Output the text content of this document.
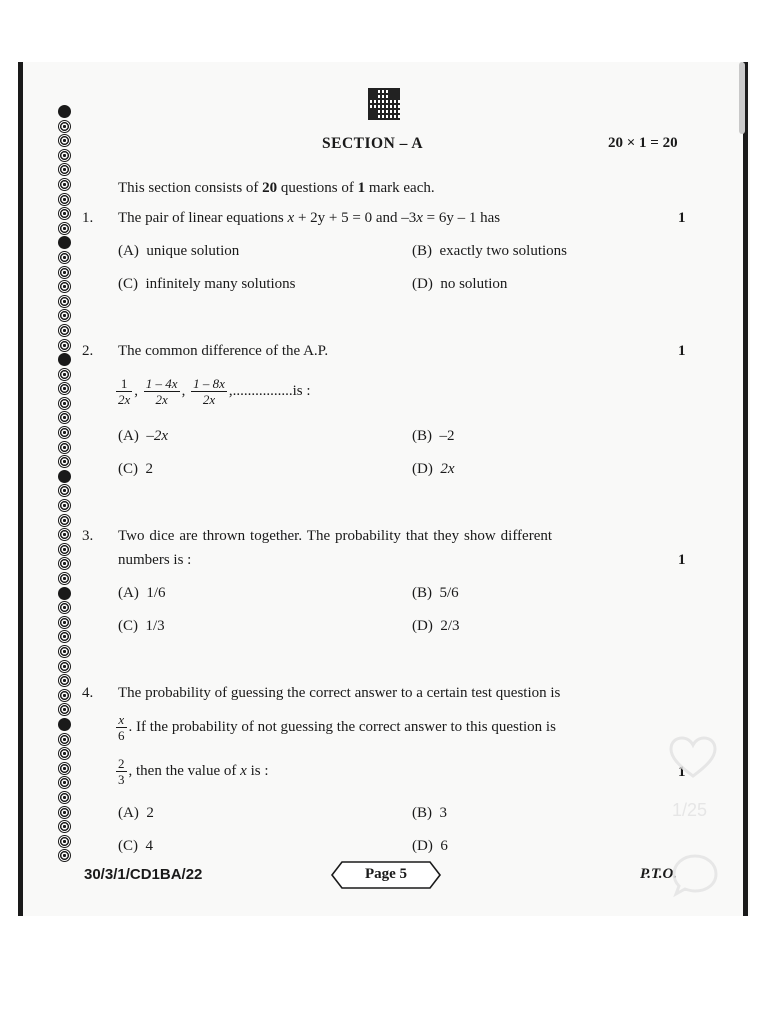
SECTION – A	20 × 1 = 20
This section consists of 20 questions of 1 mark each.
1. The pair of linear equations x + 2y + 5 = 0 and –3x = 6y – 1 has	1
(A) unique solution	(B) exactly two solutions
(C) infinitely many solutions	(D) no solution
2. The common difference of the A.P.	1
$\frac{1}{2x}$ , $\frac{1 - 4x}{2x}$ , $\frac{1 - 8x}{2x} ,................is$ :
(A) –2x	(B) –2
(C) 2	(D) 2x
3. Two dice are thrown together. The probability that they show different
numbers is :	1
(A) 1/6	(B) 5/6
(C) 1/3	(D) 2/3
4. The probability of guessing the correct answer to a certain test question is
$\frac{x}{6}$ . If the probability of not guessing the correct answer to this question is
$\frac{2}{3}$ , then the value of x is :	1
(A) 2	(B) 3
(C) 4	(D) 6
30/3/1/CD1BA/22	Page 5	P.T.O.
1/25
